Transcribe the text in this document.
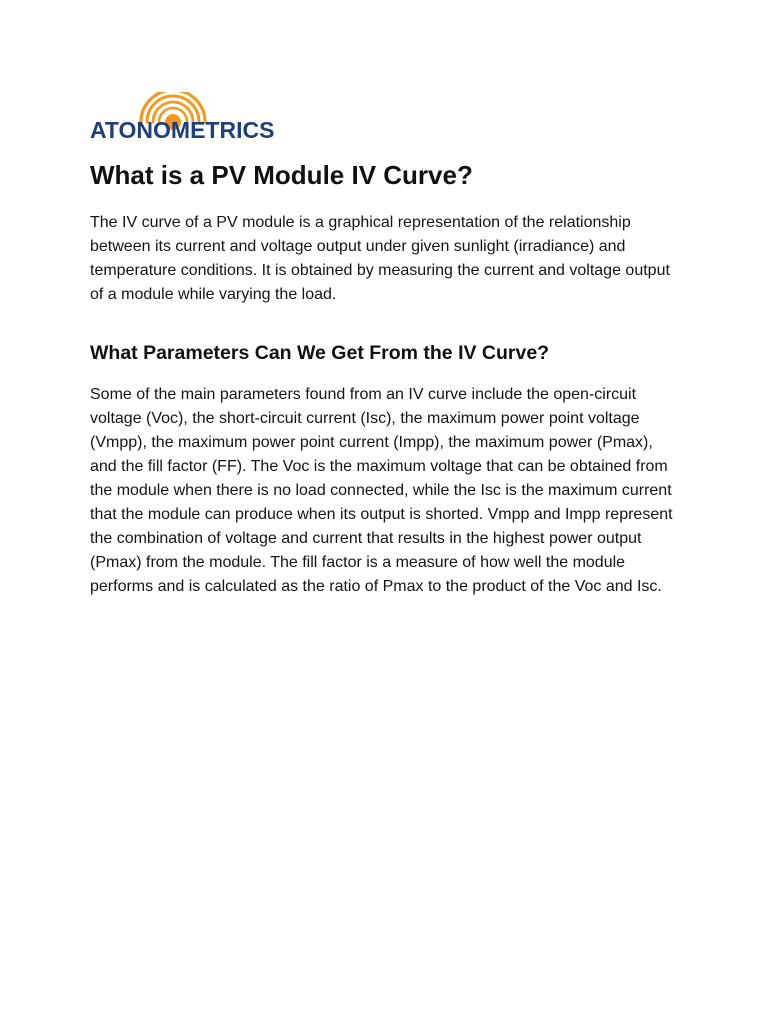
ATONOMETRICS
What is a PV Module IV Curve?

The IV curve of a PV module is a graphical representation of the relationship between its current and voltage output under given sunlight (irradiance) and temperature conditions. It is obtained by measuring the current and voltage output of a module while varying the load.

What Parameters Can We Get From the IV Curve?

Some of the main parameters found from an IV curve include the open-circuit voltage (Voc), the short-circuit current (Isc), the maximum power point voltage (Vmpp), the maximum power point current (Impp), the maximum power (Pmax), and the fill factor (FF). The Voc is the maximum voltage that can be obtained from the module when there is no load connected, while the Isc is the maximum current that the module can produce when its output is shorted. Vmpp and Impp represent the combination of voltage and current that results in the highest power output (Pmax) from the module. The fill factor is a measure of how well the module performs and is calculated as the ratio of Pmax to the product of the Voc and Isc.
